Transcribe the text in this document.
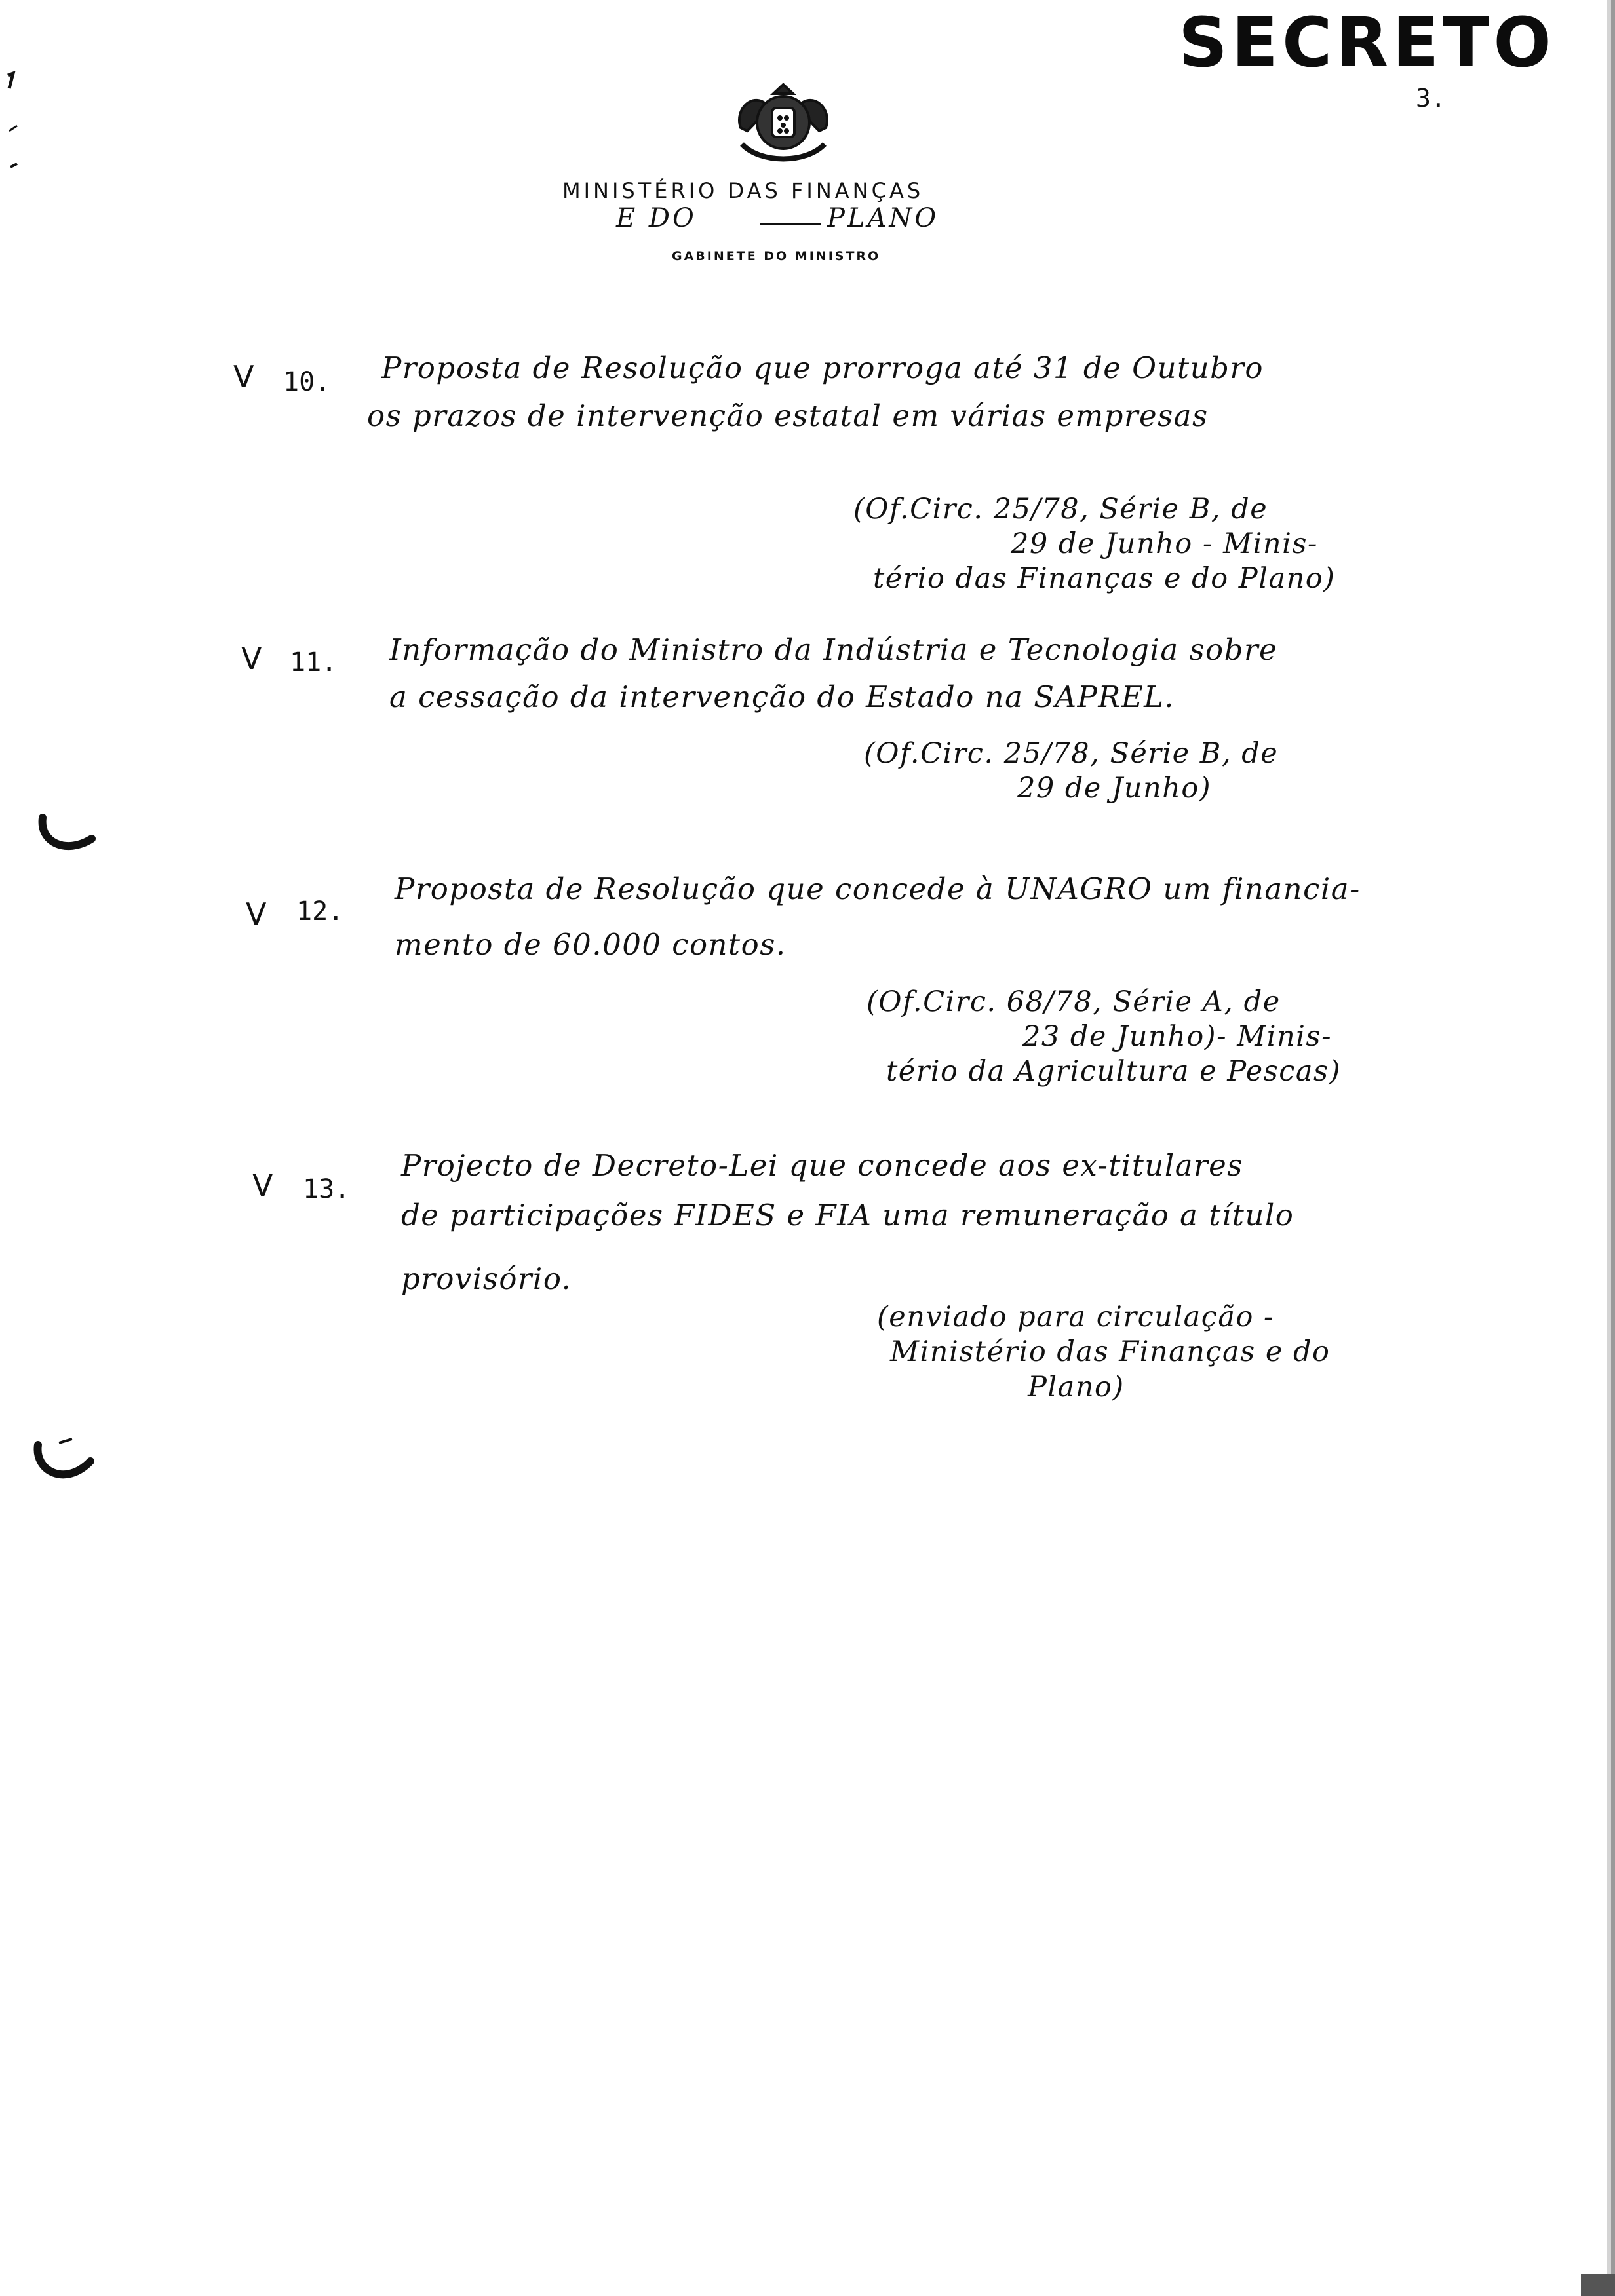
SECRETO
3.
MINISTÉRIO DAS FINANÇAS
E DO	PLANO
GABINETE DO MINISTRO
V 10. Proposta de Resolução que prorroga até 31 de Outubro
os prazos de intervenção estatal em várias empresas
(Of.Circ. 25/78, Série B, de
29 de Junho - Minis-
tério das Finanças e do Plano)
V 11. Informação do Ministro da Indústria e Tecnologia sobre
a cessação da intervenção do Estado na SAPREL.
(Of.Circ. 25/78, Série B, de
29 de Junho)
V 12.
Proposta de Resolução que concede à UNAGRO um financia-
mento de 60.000 contos.
(Of.Circ. 68/78, Série A, de
23 de Junho)- Minis-
tério da Agricultura e Pescas)
V 13.
Projecto de Decreto-Lei que concede aos ex-titulares
de participações FIDES e FIA uma remuneração a título
provisório.
(enviado para circulação -
Ministério das Finanças e do
Plano)
